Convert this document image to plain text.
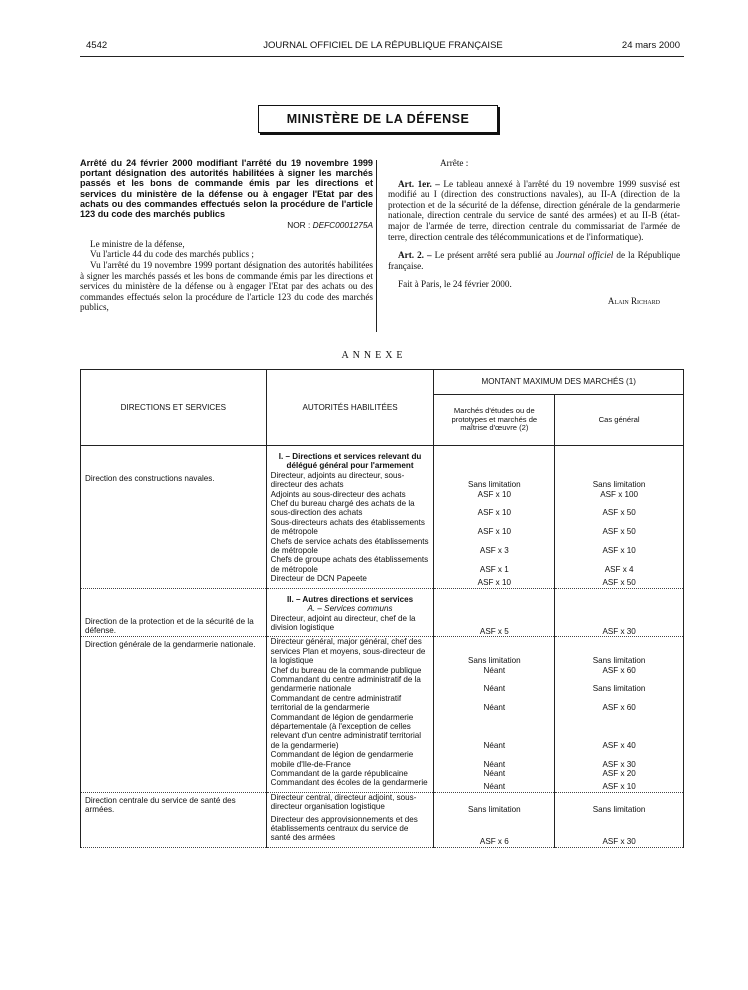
4542	JOURNAL OFFICIEL DE LA RÉPUBLIQUE FRANÇAISE	24 mars 2000
MINISTÈRE DE LA DÉFENSE
Arrêté du 24 février 2000 modifiant l'arrêté du 19 novembre 1999 portant désignation des autorités habilitées à signer les marchés passés et les bons de commande émis par les directions et services du ministère de la défense ou à engager l'Etat par des achats ou des commandes effectués selon la procédure de l'article 123 du code des marchés publics
NOR : DEFC0001275A

Le ministre de la défense,

Vu l'article 44 du code des marchés publics ;

Vu l'arrêté du 19 novembre 1999 portant désignation des autorités habilitées à signer les marchés passés et les bons de commande émis par les directions et services du ministère de la défense ou à engager l'Etat par des achats ou des commandes effectués selon la procédure de l'article 123 du code des marchés publics,

Arrête :

Art. 1er. – Le tableau annexé à l'arrêté du 19 novembre 1999 susvisé est modifié au I (direction des constructions navales), au II-A (direction de la protection et de la sécurité de la défense, direction générale de la gendarmerie nationale, direction centrale du service de santé des armées) et au II-B (état-major de l'armée de terre, direction centrale du commissariat de l'armée de terre, direction centrale des télécommunications et de l'informatique).

Art. 2. – Le présent arrêté sera publié au Journal officiel de la République française.

Fait à Paris, le 24 février 2000.

Alain Richard
ANNEXE
DIRECTIONS ET SERVICES	AUTORITÉS HABILITÉES	MONTANT MAXIMUM DES MARCHÉS (1)	
		Marchés d'études ou de prototypes et marchés de maîtrise d'œuvre (2)	Cas général

	I. – Directions et services relevant du délégué général pour l'armement		

Direction des constructions navales.	Directeur, adjoints au directeur, sous-directeur des achats	Sans limitation	Sans limitation
	Adjoints au sous-directeur des achats	ASF x 10	ASF x 100
	Chef du bureau chargé des achats de la sous-direction des achats	ASF x 10	ASF x 50
	Sous-directeurs achats des établissements de métropole	ASF x 10	ASF x 50
	Chefs de service achats des établissements de métropole	ASF x 3	ASF x 10
	Chefs de groupe achats des établissements de métropole	ASF x 1	ASF x 4
	Directeur de DCN Papeete	ASF x 10	ASF x 50

	II. – Autres directions et services
A. – Services communs		

Direction de la protection et de la sécurité de la défense.	Directeur, adjoint au directeur, chef de la division logistique	ASF x 5	ASF x 30
Direction générale de la gendarmerie nationale.	Directeur général, major général, chef des services Plan et moyens, sous-directeur de la logistique	Sans limitation	Sans limitation
	Chef du bureau de la commande publique	Néant	ASF x 60
	Commandant du centre administratif de la gendarmerie nationale	Néant	Sans limitation
	Commandant de centre administratif territorial de la gendarmerie	Néant	ASF x 60
	Commandant de légion de gendarmerie départementale (à l'exception de celles relevant d'un centre administratif territorial de la gendarmerie)	Néant	ASF x 40
	Commandant de légion de gendarmerie mobile d'Ile-de-France	Néant	ASF x 30
	Commandant de la garde républicaine	Néant	ASF x 20
	Commandant des écoles de la gendarmerie	Néant	ASF x 10
Direction centrale du service de santé des armées.	Directeur central, directeur adjoint, sous-directeur organisation logistique	Sans limitation	Sans limitation
	Directeur des approvisionnements et des établissements centraux du service de santé des armées	ASF x 6	ASF x 30
